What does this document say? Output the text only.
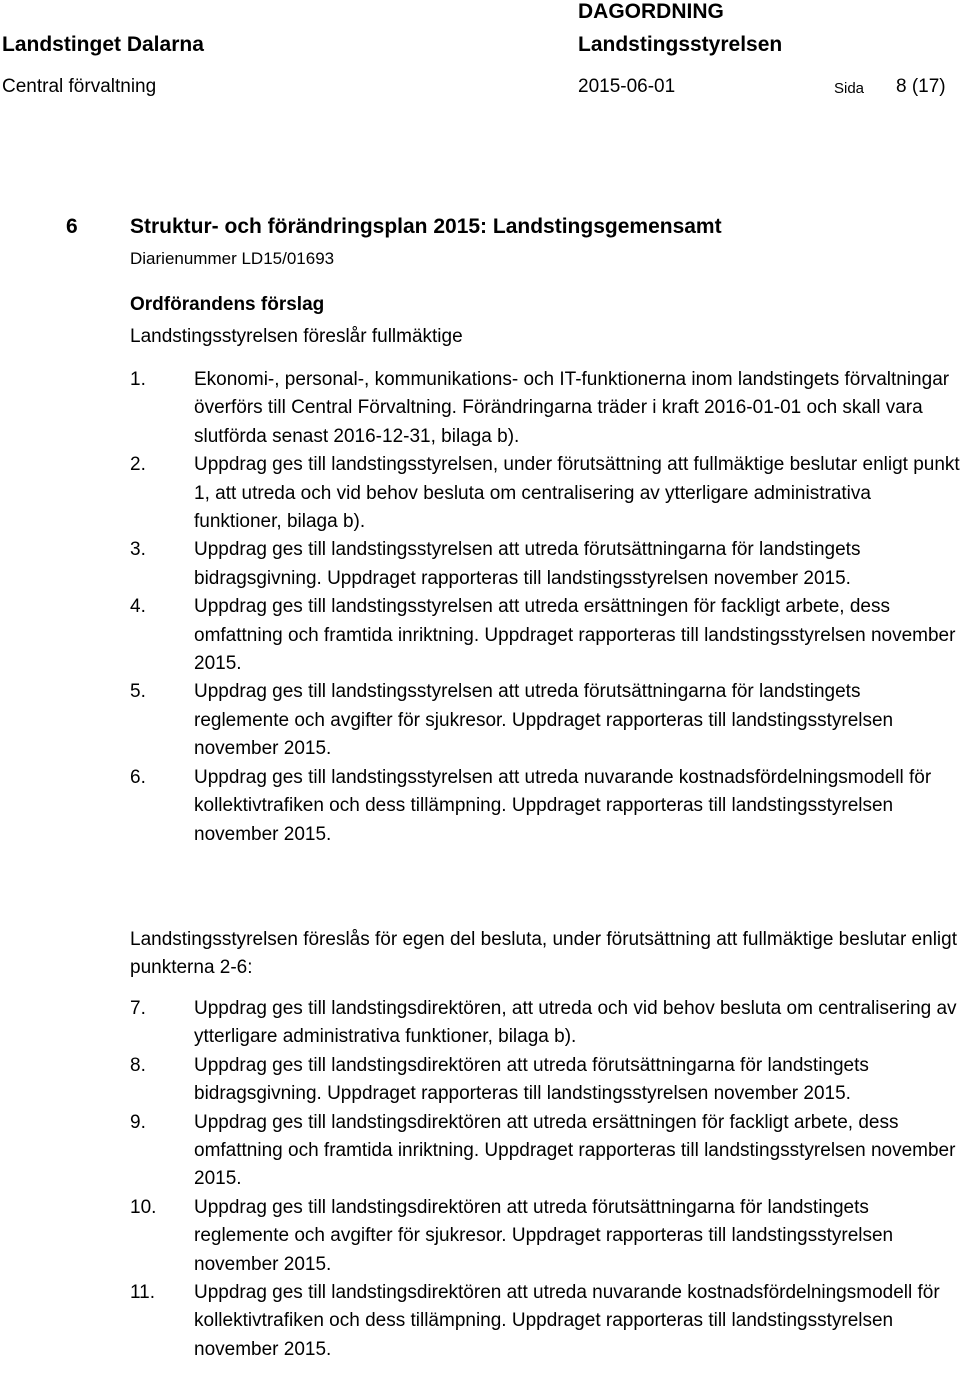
Landstinget Dalarna
DAGORDNING
Landstingsstyrelsen
Central förvaltning	2015-06-01	Sida 8 (17)
6 Struktur- och förändringsplan 2015: Landstingsgemensamt
Diarienummer LD15/01693
Ordförandens förslag
Landstingsstyrelsen föreslår fullmäktige
1.	Ekonomi-, personal-, kommunikations- och IT-funktionerna inom landstingets förvaltningar överförs till Central Förvaltning. Förändringarna träder i kraft 2016-01-01 och skall vara slutförda senast 2016-12-31, bilaga b).
2.	Uppdrag ges till landstingsstyrelsen, under förutsättning att fullmäktige beslutar enligt punkt 1, att utreda och vid behov besluta om centralisering av ytterligare administrativa funktioner, bilaga b).
3.	Uppdrag ges till landstingsstyrelsen att utreda förutsättningarna för landstingets bidragsgivning. Uppdraget rapporteras till landstingsstyrelsen november 2015.
4.	Uppdrag ges till landstingsstyrelsen att utreda ersättningen för fackligt arbete, dess omfattning och framtida inriktning. Uppdraget rapporteras till landstingsstyrelsen november 2015.
5.	Uppdrag ges till landstingsstyrelsen att utreda förutsättningarna för landstingets reglemente och avgifter för sjukresor. Uppdraget rapporteras till landstingsstyrelsen november 2015.
6.	Uppdrag ges till landstingsstyrelsen att utreda nuvarande kostnadsfördelningsmodell för kollektivtrafiken och dess tillämpning. Uppdraget rapporteras till landstingsstyrelsen november 2015.
Landstingsstyrelsen föreslås för egen del besluta, under förutsättning att fullmäktige beslutar enligt punkterna 2-6:
7.	Uppdrag ges till landstingsdirektören, att utreda och vid behov besluta om centralisering av ytterligare administrativa funktioner, bilaga b).
8.	Uppdrag ges till landstingsdirektören att utreda förutsättningarna för landstingets bidragsgivning. Uppdraget rapporteras till landstingsstyrelsen november 2015.
9.	Uppdrag ges till landstingsdirektören att utreda ersättningen för fackligt arbete, dess omfattning och framtida inriktning. Uppdraget rapporteras till landstingsstyrelsen november 2015.
10.	Uppdrag ges till landstingsdirektören att utreda förutsättningarna för landstingets reglemente och avgifter för sjukresor. Uppdraget rapporteras till landstingsstyrelsen november 2015.
11.	Uppdrag ges till landstingsdirektören att utreda nuvarande kostnadsfördelningsmodell för kollektivtrafiken och dess tillämpning. Uppdraget rapporteras till landstingsstyrelsen november 2015.
